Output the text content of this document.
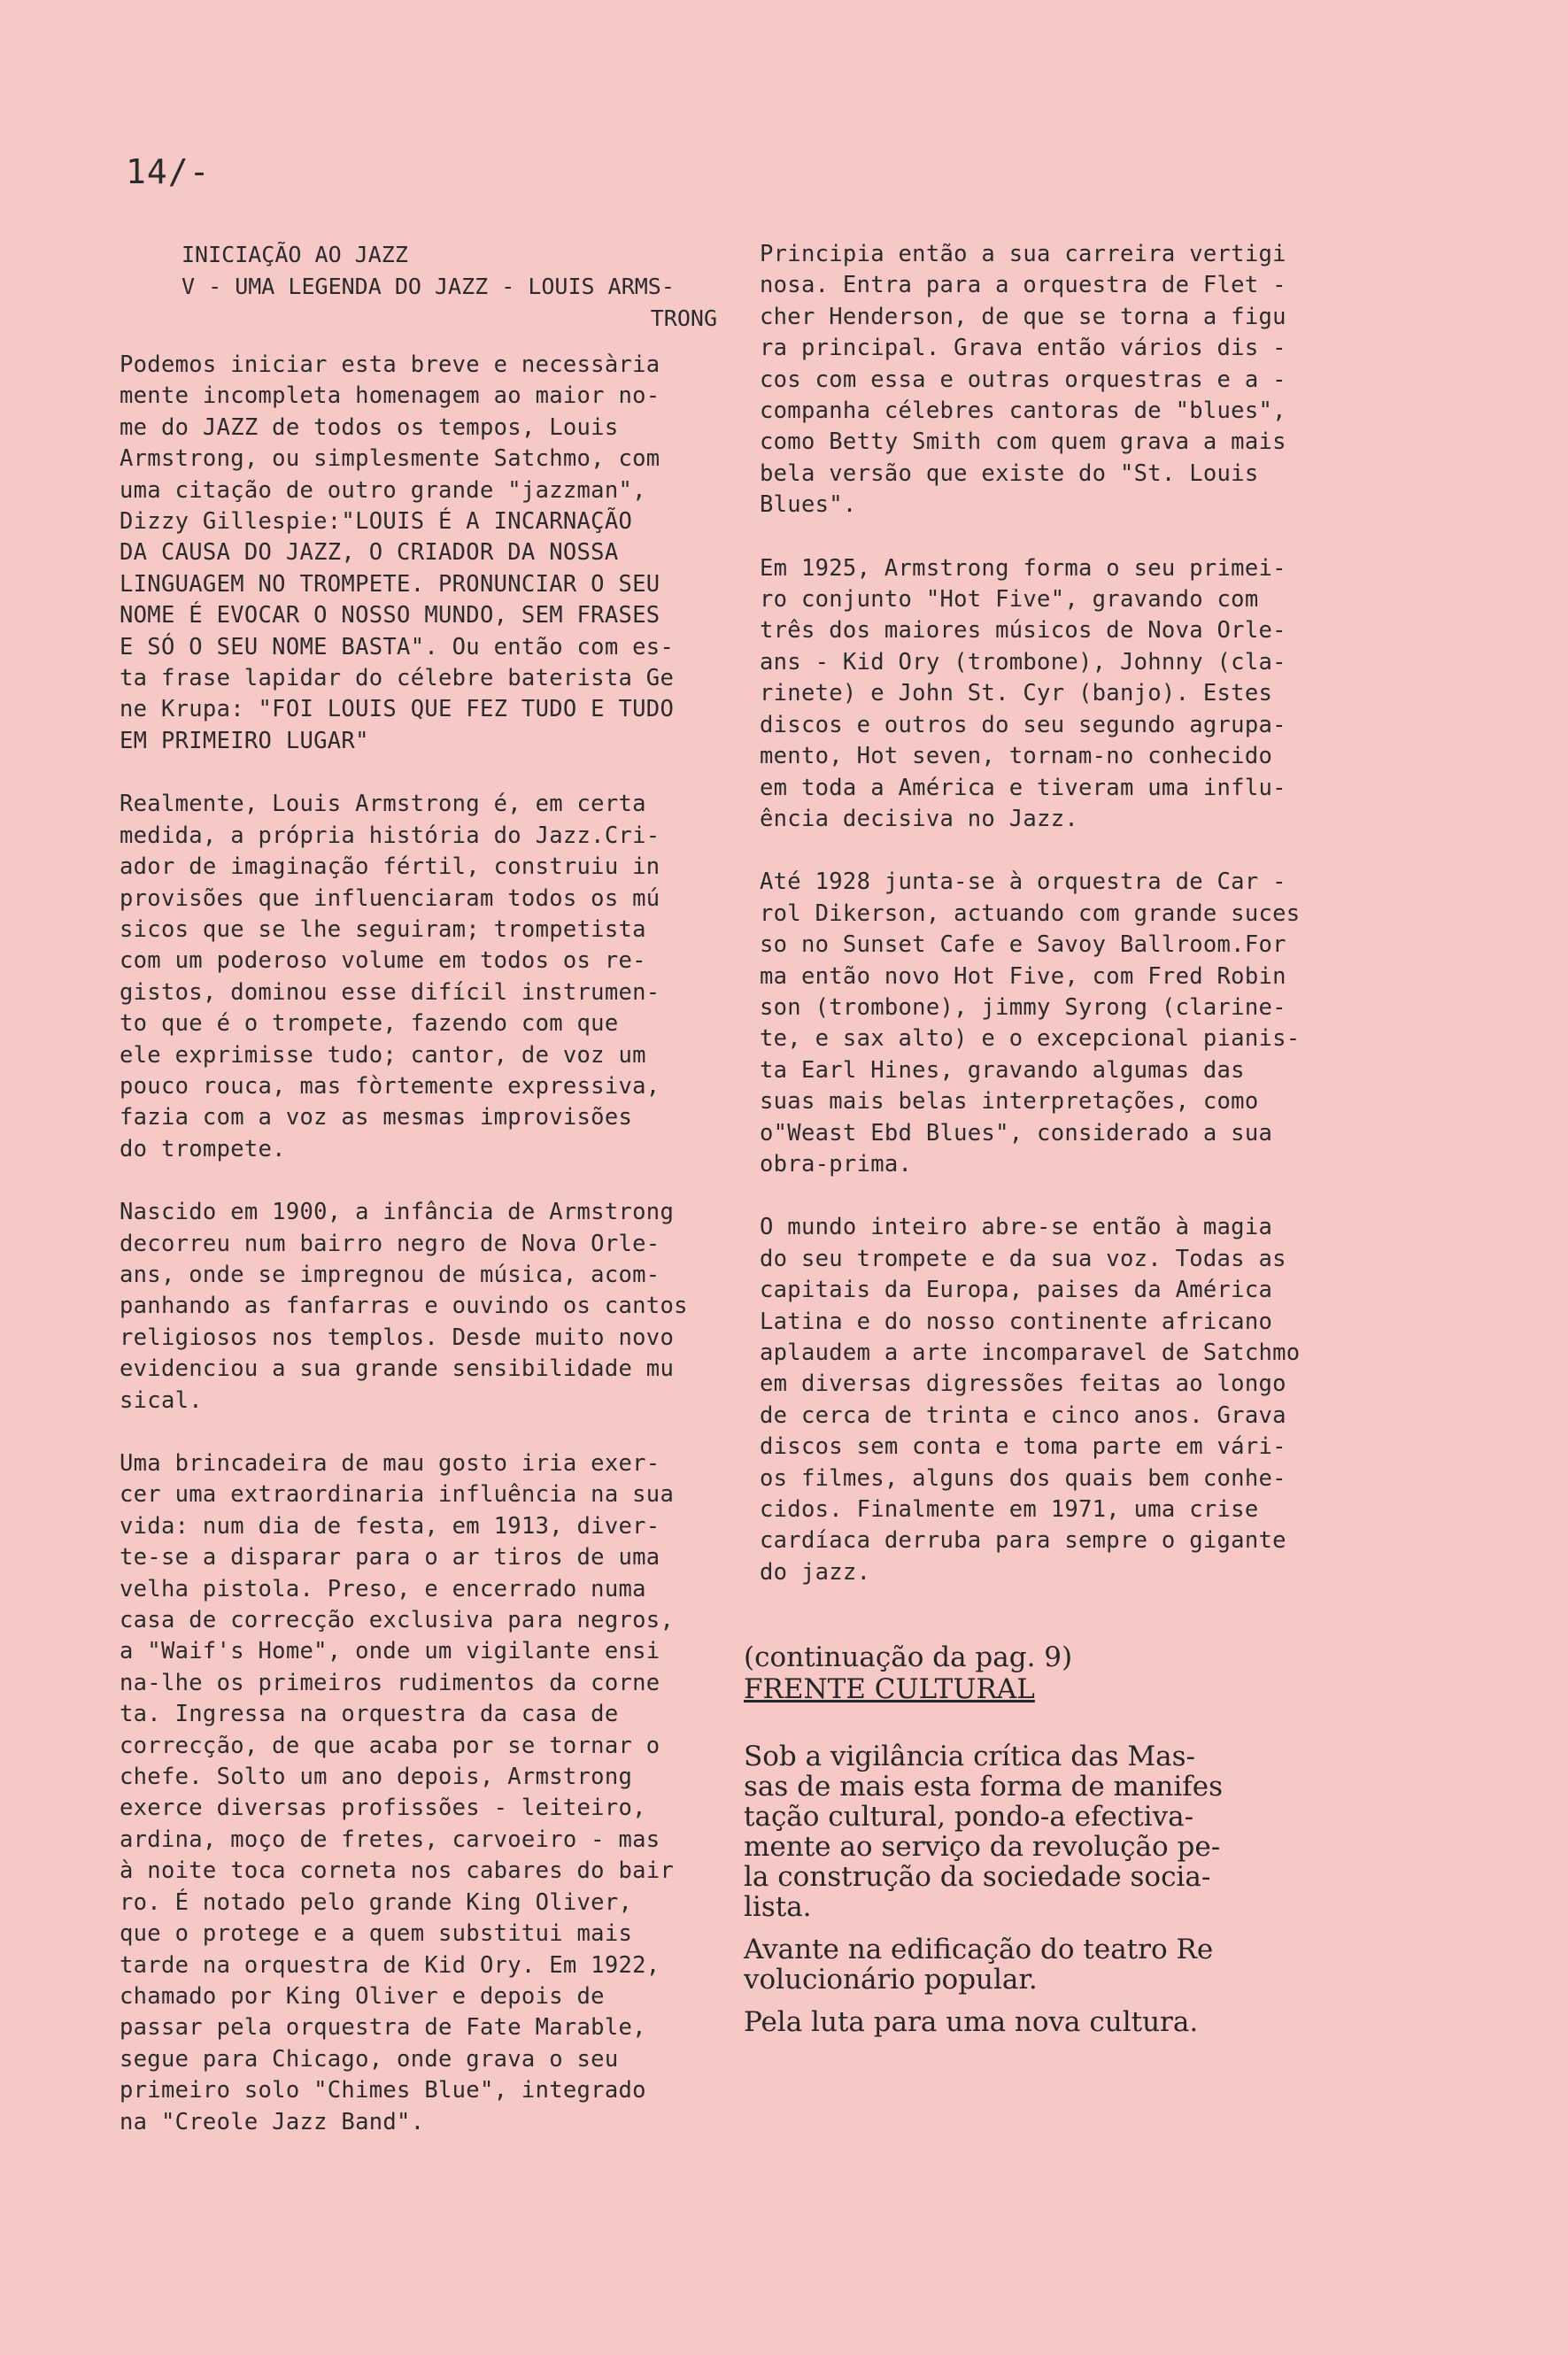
14/-
INICIAÇÃO AO JAZZ
V - UMA LEGENDA DO JAZZ - LOUIS ARMS-
TRONG

Podemos iniciar esta breve e necessària
mente incompleta homenagem ao maior no-
me do JAZZ de todos os tempos, Louis
Armstrong, ou simplesmente Satchmo, com
uma citação de outro grande "jazzman",
Dizzy Gillespie:"LOUIS É A INCARNAÇÃO
DA CAUSA DO JAZZ, O CRIADOR DA NOSSA
LINGUAGEM NO TROMPETE. PRONUNCIAR O SEU
NOME É EVOCAR O NOSSO MUNDO, SEM FRASES
E SÓ O SEU NOME BASTA". Ou então com es-
ta frase lapidar do célebre baterista Ge
ne Krupa: "FOI LOUIS QUE FEZ TUDO E TUDO
EM PRIMEIRO LUGAR"

Realmente, Louis Armstrong é, em certa
medida, a própria história do Jazz.Cri-
ador de imaginação fértil, construiu in
provisões que influenciaram todos os mú
sicos que se lhe seguiram; trompetista
com um poderoso volume em todos os re-
gistos, dominou esse difícil instrumen-
to que é o trompete, fazendo com que
ele exprimisse tudo; cantor, de voz um
pouco rouca, mas fòrtemente expressiva,
fazia com a voz as mesmas improvisões
do trompete.

Nascido em 1900, a infância de Armstrong
decorreu num bairro negro de Nova Orle-
ans, onde se impregnou de música, acom-
panhando as fanfarras e ouvindo os cantos
religiosos nos templos. Desde muito novo
evidenciou a sua grande sensibilidade mu
sical.

Uma brincadeira de mau gosto iria exer-
cer uma extraordinaria influência na sua
vida: num dia de festa, em 1913, diver-
te-se a disparar para o ar tiros de uma
velha pistola. Preso, e encerrado numa
casa de correcção exclusiva para negros,
a "Waif's Home", onde um vigilante ensi
na-lhe os primeiros rudimentos da corne
ta. Ingressa na orquestra da casa de
correcção, de que acaba por se tornar o
chefe. Solto um ano depois, Armstrong
exerce diversas profissões - leiteiro,
ardina, moço de fretes, carvoeiro - mas
à noite toca corneta nos cabares do bair
ro. É notado pelo grande King Oliver,
que o protege e a quem substitui mais
tarde na orquestra de Kid Ory. Em 1922,
chamado por King Oliver e depois de
passar pela orquestra de Fate Marable,
segue para Chicago, onde grava o seu
primeiro solo "Chimes Blue", integrado
na "Creole Jazz Band".

Principia então a sua carreira vertigi
nosa. Entra para a orquestra de Flet -
cher Henderson, de que se torna a figu
ra principal. Grava então vários dis -
cos com essa e outras orquestras e a -
companha célebres cantoras de "blues",
como Betty Smith com quem grava a mais
bela versão que existe do "St. Louis
Blues".

Em 1925, Armstrong forma o seu primei-
ro conjunto "Hot Five", gravando com
três dos maiores músicos de Nova Orle-
ans - Kid Ory (trombone), Johnny (cla-
rinete) e John St. Cyr (banjo). Estes
discos e outros do seu segundo agrupa-
mento, Hot seven, tornam-no conhecido
em toda a América e tiveram uma influ-
ência decisiva no Jazz.

Até 1928 junta-se à orquestra de Car -
rol Dikerson, actuando com grande suces
so no Sunset Cafe e Savoy Ballroom.For
ma então novo Hot Five, com Fred Robin
son (trombone), jimmy Syrong (clarine-
te, e sax alto) e o excepcional pianis-
ta Earl Hines, gravando algumas das
suas mais belas interpretações, como
o"Weast Ebd Blues", considerado a sua
obra-prima.

O mundo inteiro abre-se então à magia
do seu trompete e da sua voz. Todas as
capitais da Europa, paises da América
Latina e do nosso continente africano
aplaudem a arte incomparavel de Satchmo
em diversas digressões feitas ao longo
de cerca de trinta e cinco anos. Grava
discos sem conta e toma parte em vári-
os filmes, alguns dos quais bem conhe-
cidos. Finalmente em 1971, uma crise
cardíaca derruba para sempre o gigante
do jazz.

(continuação da pag. 9)
FRENTE CULTURAL

Sob a vigilância crítica das Mas-
sas de mais esta forma de manifes
tação cultural, pondo-a efectiva-
mente ao serviço da revolução pe-
la construção da sociedade socia-
lista.

Avante na edificação do teatro Re
volucionário popular.

Pela luta para uma nova cultura.
